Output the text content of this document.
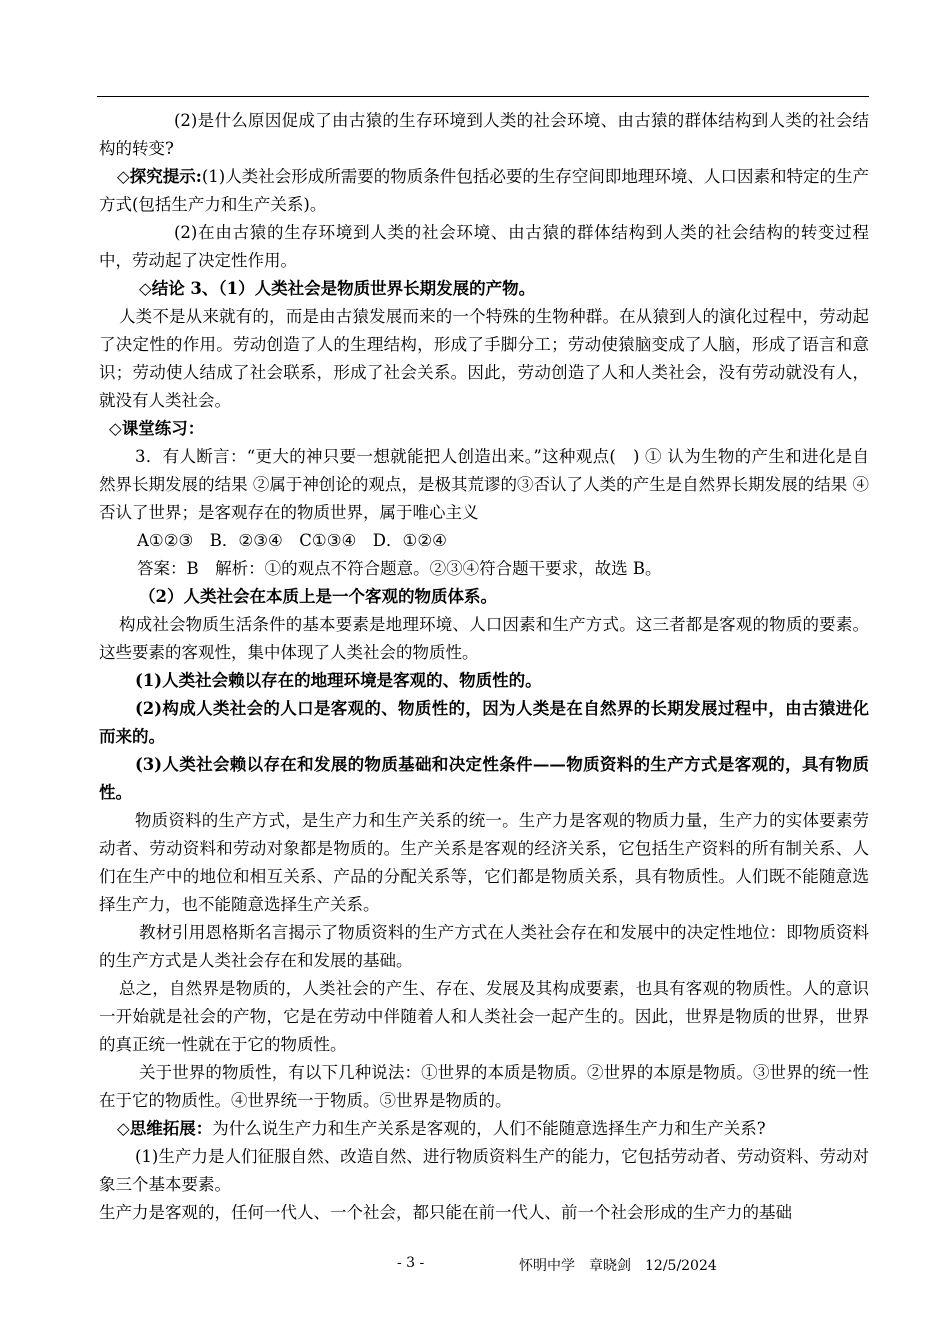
(2)是什么原因促成了由古猿的生存环境到人类的社会环境、由古猿的群体结构到人类的社会结构的转变?

◇探究提示:(1)人类社会形成所需要的物质条件包括必要的生存空间即地理环境、人口因素和特定的生产方式(包括生产力和生产关系)。

(2)在由古猿的生存环境到人类的社会环境、由古猿的群体结构到人类的社会结构的转变过程中，劳动起了决定性作用。

◇结论 3、（1）人类社会是物质世界长期发展的产物。

人类不是从来就有的，而是由古猿发展而来的一个特殊的生物种群。在从猿到人的演化过程中，劳动起了决定性的作用。劳动创造了人的生理结构，形成了手脚分工；劳动使猿脑变成了人脑，形成了语言和意识；劳动使人结成了社会联系，形成了社会关系。因此，劳动创造了人和人类社会，没有劳动就没有人，就没有人类社会。

◇课堂练习：

3．有人断言：“更大的神只要一想就能把人创造出来。”这种观点(　) ① 认为生物的产生和进化是自然界长期发展的结果 ②属于神创论的观点，是极其荒谬的③否认了人类的产生是自然界长期发展的结果 ④否认了世界；是客观存在的物质世界，属于唯心主义

A①②③　B．②③④　C①③④　D．①②④

答案：B　解析：①的观点不符合题意。②③④符合题干要求，故选 B。

（2）人类社会在本质上是一个客观的物质体系。

构成社会物质生活条件的基本要素是地理环境、人口因素和生产方式。这三者都是客观的物质的要素。这些要素的客观性，集中体现了人类社会的物质性。

(1)人类社会赖以存在的地理环境是客观的、物质性的。

(2)构成人类社会的人口是客观的、物质性的，因为人类是在自然界的长期发展过程中，由古猿进化而来的。

(3)人类社会赖以存在和发展的物质基础和决定性条件——物质资料的生产方式是客观的，具有物质性。

物质资料的生产方式，是生产力和生产关系的统一。生产力是客观的物质力量，生产力的实体要素劳动者、劳动资料和劳动对象都是物质的。生产关系是客观的经济关系，它包括生产资料的所有制关系、人们在生产中的地位和相互关系、产品的分配关系等，它们都是物质关系，具有物质性。人们既不能随意选择生产力，也不能随意选择生产关系。

教材引用恩格斯名言揭示了物质资料的生产方式在人类社会存在和发展中的决定性地位：即物质资料的生产方式是人类社会存在和发展的基础。

总之，自然界是物质的，人类社会的产生、存在、发展及其构成要素，也具有客观的物质性。人的意识一开始就是社会的产物，它是在劳动中伴随着人和人类社会一起产生的。因此，世界是物质的世界，世界的真正统一性就在于它的物质性。

关于世界的物质性，有以下几种说法：①世界的本质是物质。②世界的本原是物质。③世界的统一性在于它的物质性。④世界统一于物质。⑤世界是物质的。

◇思维拓展：为什么说生产力和生产关系是客观的，人们不能随意选择生产力和生产关系?

(1)生产力是人们征服自然、改造自然、进行物质资料生产的能力，它包括劳动者、劳动资料、劳动对象三个基本要素。

生产力是客观的，任何一代人、一个社会，都只能在前一代人、前一个社会形成的生产力的基础

- 3 -	怀明中学　章晓剑　12/5/2024
